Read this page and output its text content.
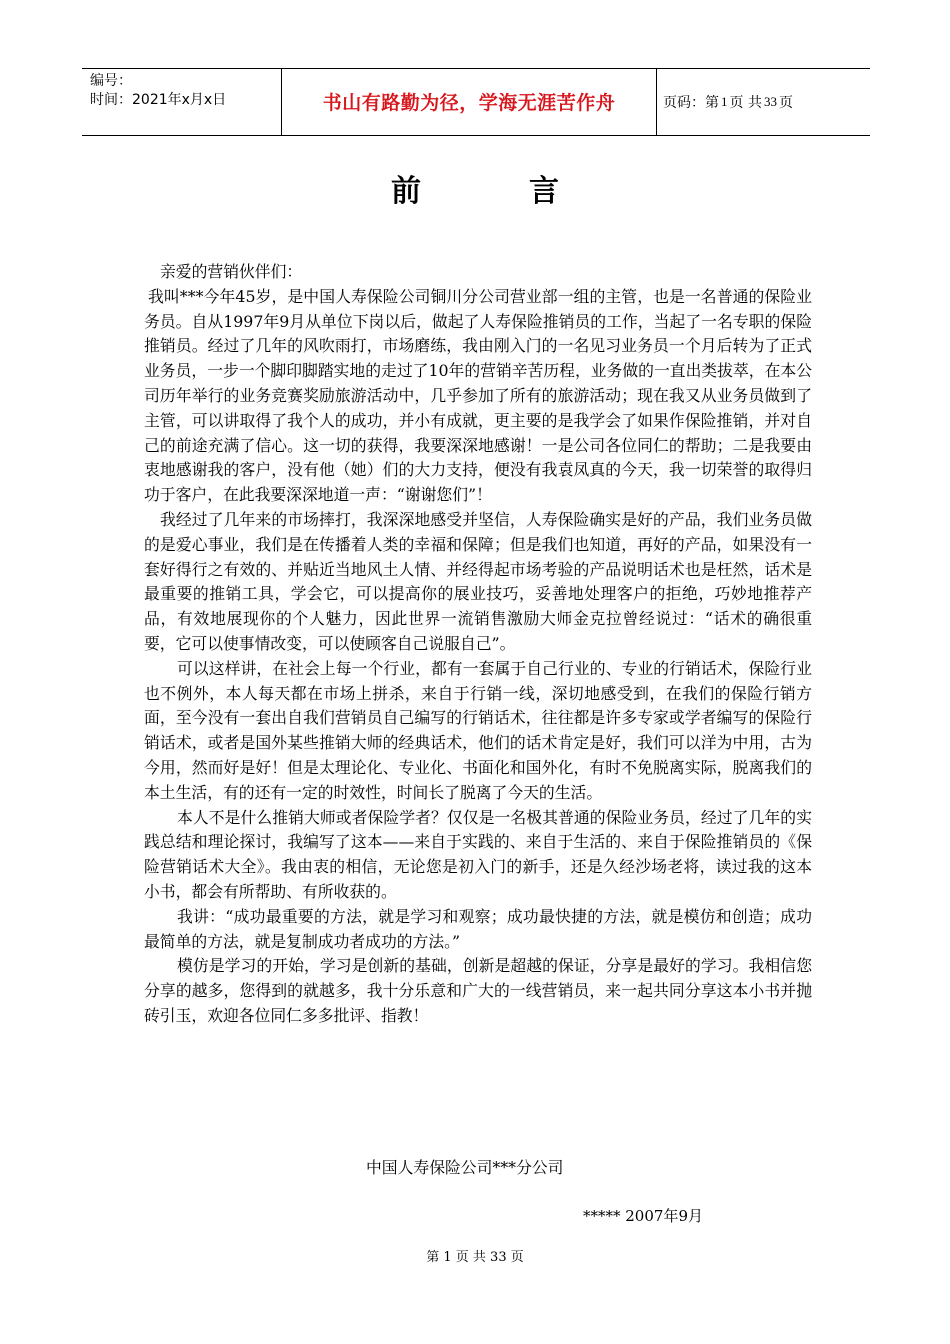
编号：
时间：2021年x月x日	书山有路勤为径，学海无涯苦作舟	页码：第 1 页 共 33 页
前	言

亲爱的营销伙伴们：

我叫***今年45岁，是中国人寿保险公司铜川分公司营业部一组的主管，也是一名普通的保险业务员。自从1997年9月从单位下岗以后，做起了人寿保险推销员的工作，当起了一名专职的保险推销员。经过了几年的风吹雨打，市场磨练，我由刚入门的一名见习业务员一个月后转为了正式业务员，一步一个脚印脚踏实地的走过了10年的营销辛苦历程，业务做的一直出类拔萃，在本公司历年举行的业务竞赛奖励旅游活动中，几乎参加了所有的旅游活动；现在我又从业务员做到了主管，可以讲取得了我个人的成功，并小有成就，更主要的是我学会了如果作保险推销，并对自己的前途充满了信心。这一切的获得，我要深深地感谢！一是公司各位同仁的帮助；二是我要由衷地感谢我的客户，没有他（她）们的大力支持，便没有我袁凤真的今天，我一切荣誉的取得归功于客户，在此我要深深地道一声：“谢谢您们”！

我经过了几年来的市场摔打，我深深地感受并坚信，人寿保险确实是好的产品，我们业务员做的是爱心事业，我们是在传播着人类的幸福和保障；但是我们也知道，再好的产品，如果没有一套好得行之有效的、并贴近当地风土人情、并经得起市场考验的产品说明话术也是枉然，话术是最重要的推销工具，学会它，可以提高你的展业技巧，妥善地处理客户的拒绝，巧妙地推荐产品，有效地展现你的个人魅力，因此世界一流销售激励大师金克拉曾经说过：“话术的确很重要，它可以使事情改变，可以使顾客自己说服自己”。

可以这样讲，在社会上每一个行业，都有一套属于自己行业的、专业的行销话术，保险行业也不例外，本人每天都在市场上拼杀，来自于行销一线，深切地感受到，在我们的保险行销方面，至今没有一套出自我们营销员自己编写的行销话术，往往都是许多专家或学者编写的保险行销话术，或者是国外某些推销大师的经典话术，他们的话术肯定是好，我们可以洋为中用，古为今用，然而好是好！但是太理论化、专业化、书面化和国外化，有时不免脱离实际，脱离我们的本土生活，有的还有一定的时效性，时间长了脱离了今天的生活。

本人不是什么推销大师或者保险学者？仅仅是一名极其普通的保险业务员，经过了几年的实践总结和理论探讨，我编写了这本——来自于实践的、来自于生活的、来自于保险推销员的《保险营销话术大全》。我由衷的相信，无论您是初入门的新手，还是久经沙场老将，读过我的这本小书，都会有所帮助、有所收获的。

我讲：“成功最重要的方法，就是学习和观察；成功最快捷的方法，就是模仿和创造；成功最简单的方法，就是复制成功者成功的方法。”

模仿是学习的开始，学习是创新的基础，创新是超越的保证，分享是最好的学习。我相信您分享的越多，您得到的就越多，我十分乐意和广大的一线营销员，来一起共同分享这本小书并抛砖引玉，欢迎各位同仁多多批评、指教！

中国人寿保险公司***分公司
***** 2007年9月
第 1 页 共 33 页
